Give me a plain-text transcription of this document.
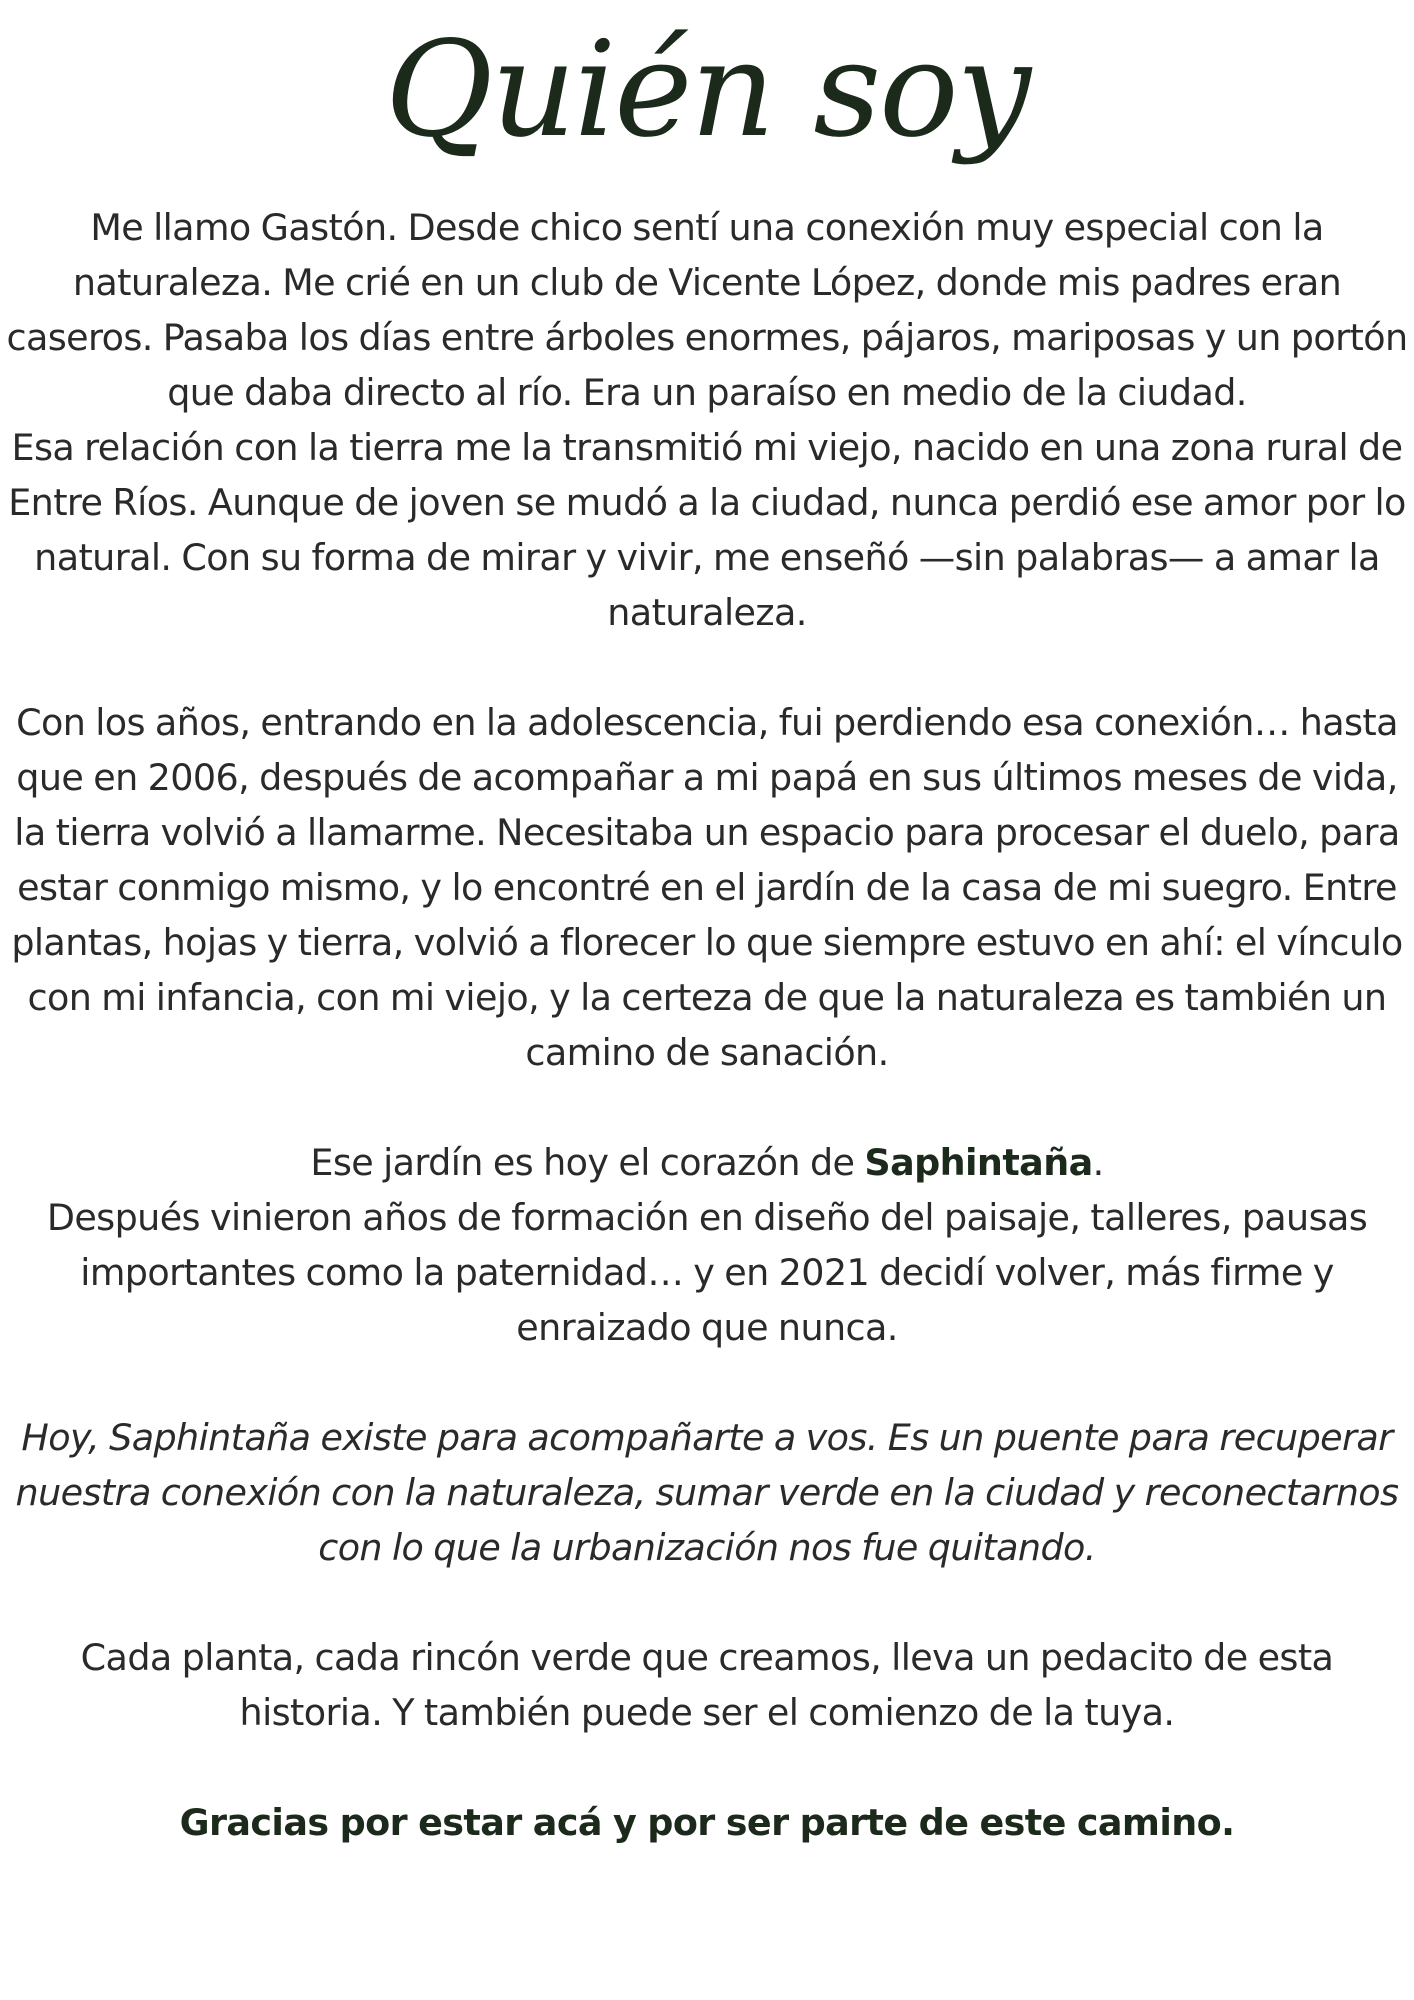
Quién soy

Me llamo Gastón. Desde chico sentí una conexión muy especial con la naturaleza. Me crié en un club de Vicente López, donde mis padres eran caseros. Pasaba los días entre árboles enormes, pájaros, mariposas y un portón que daba directo al río. Era un paraíso en medio de la ciudad.

Esa relación con la tierra me la transmitió mi viejo, nacido en una zona rural de Entre Ríos. Aunque de joven se mudó a la ciudad, nunca perdió ese amor por lo natural. Con su forma de mirar y vivir, me enseñó —sin palabras— a amar la naturaleza.

Con los años, entrando en la adolescencia, fui perdiendo esa conexión… hasta que en 2006, después de acompañar a mi papá en sus últimos meses de vida, la tierra volvió a llamarme. Necesitaba un espacio para procesar el duelo, para estar conmigo mismo, y lo encontré en el jardín de la casa de mi suegro. Entre plantas, hojas y tierra, volvió a florecer lo que siempre estuvo en ahí: el vínculo con mi infancia, con mi viejo, y la certeza de que la naturaleza es también un camino de sanación.

Ese jardín es hoy el corazón de Saphintaña.

Después vinieron años de formación en diseño del paisaje, talleres, pausas importantes como la paternidad… y en 2021 decidí volver, más firme y enraizado que nunca.

Hoy, Saphintaña existe para acompañarte a vos. Es un puente para recuperar nuestra conexión con la naturaleza, sumar verde en la ciudad y reconectarnos con lo que la urbanización nos fue quitando.

Cada planta, cada rincón verde que creamos, lleva un pedacito de esta historia. Y también puede ser el comienzo de la tuya.

Gracias por estar acá y por ser parte de este camino.
